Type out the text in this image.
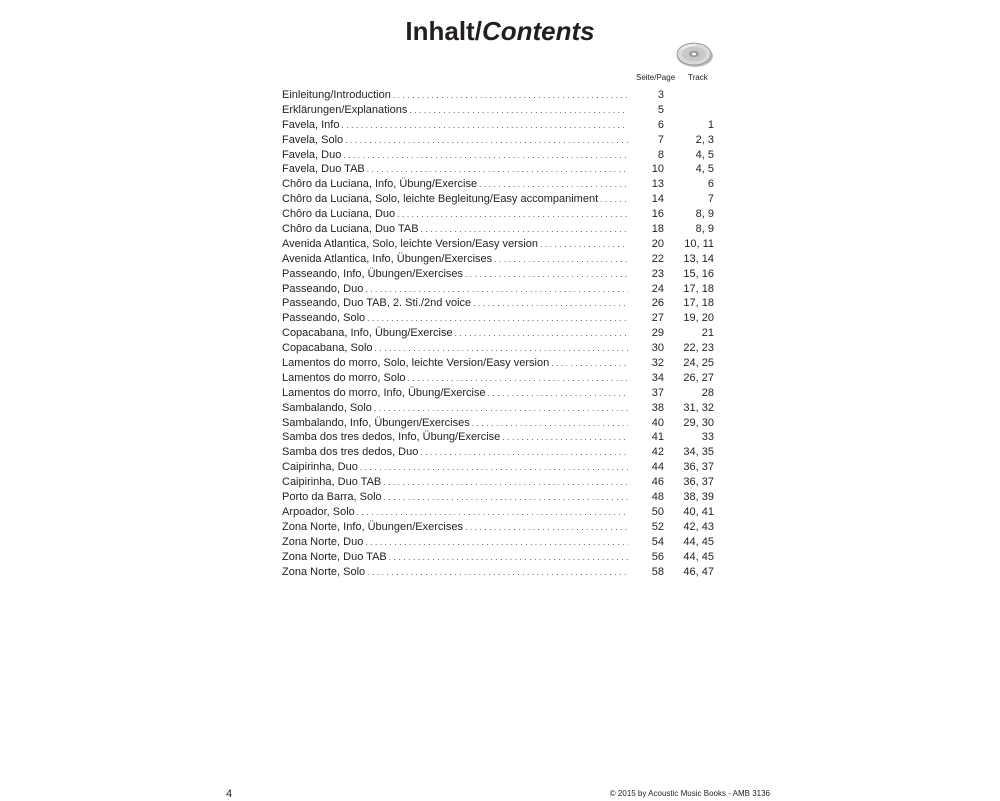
Inhalt/Contents
Seite/Page Track
Einleitung/Introduction . . .	3
Erklärungen/Explanations . . .	5
Favela, Info . . .	6	1
Favela, Solo . . .	7	2, 3
Favela, Duo . . .	8	4, 5
Favela, Duo TAB . . .	10	4, 5
Chôro da Luciana, Info, Übung/Exercise . . .	13	6
Chôro da Luciana, Solo, leichte Begleitung/Easy accompaniment . . .	14	7
Chôro da Luciana, Duo . . .	16	8, 9
Chôro da Luciana, Duo TAB . . .	18	8, 9
Avenida Atlantica, Solo, leichte Version/Easy version . . .	20	10, 11
Avenida Atlantica, Info, Übungen/Exercises . . .	22	13, 14
Passeando, Info, Übungen/Exercises . . .	23	15, 16
Passeando, Duo . . .	24	17, 18
Passeando, Duo TAB, 2. Sti./2nd voice . . .	26	17, 18
Passeando, Solo . . .	27	19, 20
Copacabana, Info, Übung/Exercise . . .	29	21
Copacabana, Solo . . .	30	22, 23
Lamentos do morro, Solo, leichte Version/Easy version . . .	32	24, 25
Lamentos do morro, Solo . . .	34	26, 27
Lamentos do morro, Info, Übung/Exercise . . .	37	28
Sambalando, Solo . . .	38	31, 32
Sambalando, Info, Übungen/Exercises . . .	40	29, 30
Samba dos tres dedos, Info, Übung/Exercise . . .	41	33
Samba dos tres dedos, Duo . . .	42	34, 35
Caipirinha, Duo . . .	44	36, 37
Caipirinha, Duo TAB . . .	46	36, 37
Porto da Barra, Solo . . .	48	38, 39
Arpoador, Solo . . .	50	40, 41
Zona Norte, Info, Übungen/Exercises . . .	52	42, 43
Zona Norte, Duo . . .	54	44, 45
Zona Norte, Duo TAB . . .	56	44, 45
Zona Norte, Solo . . .	58	46, 47
4	© 2015 by Acoustic Music Books - AMB 3136
